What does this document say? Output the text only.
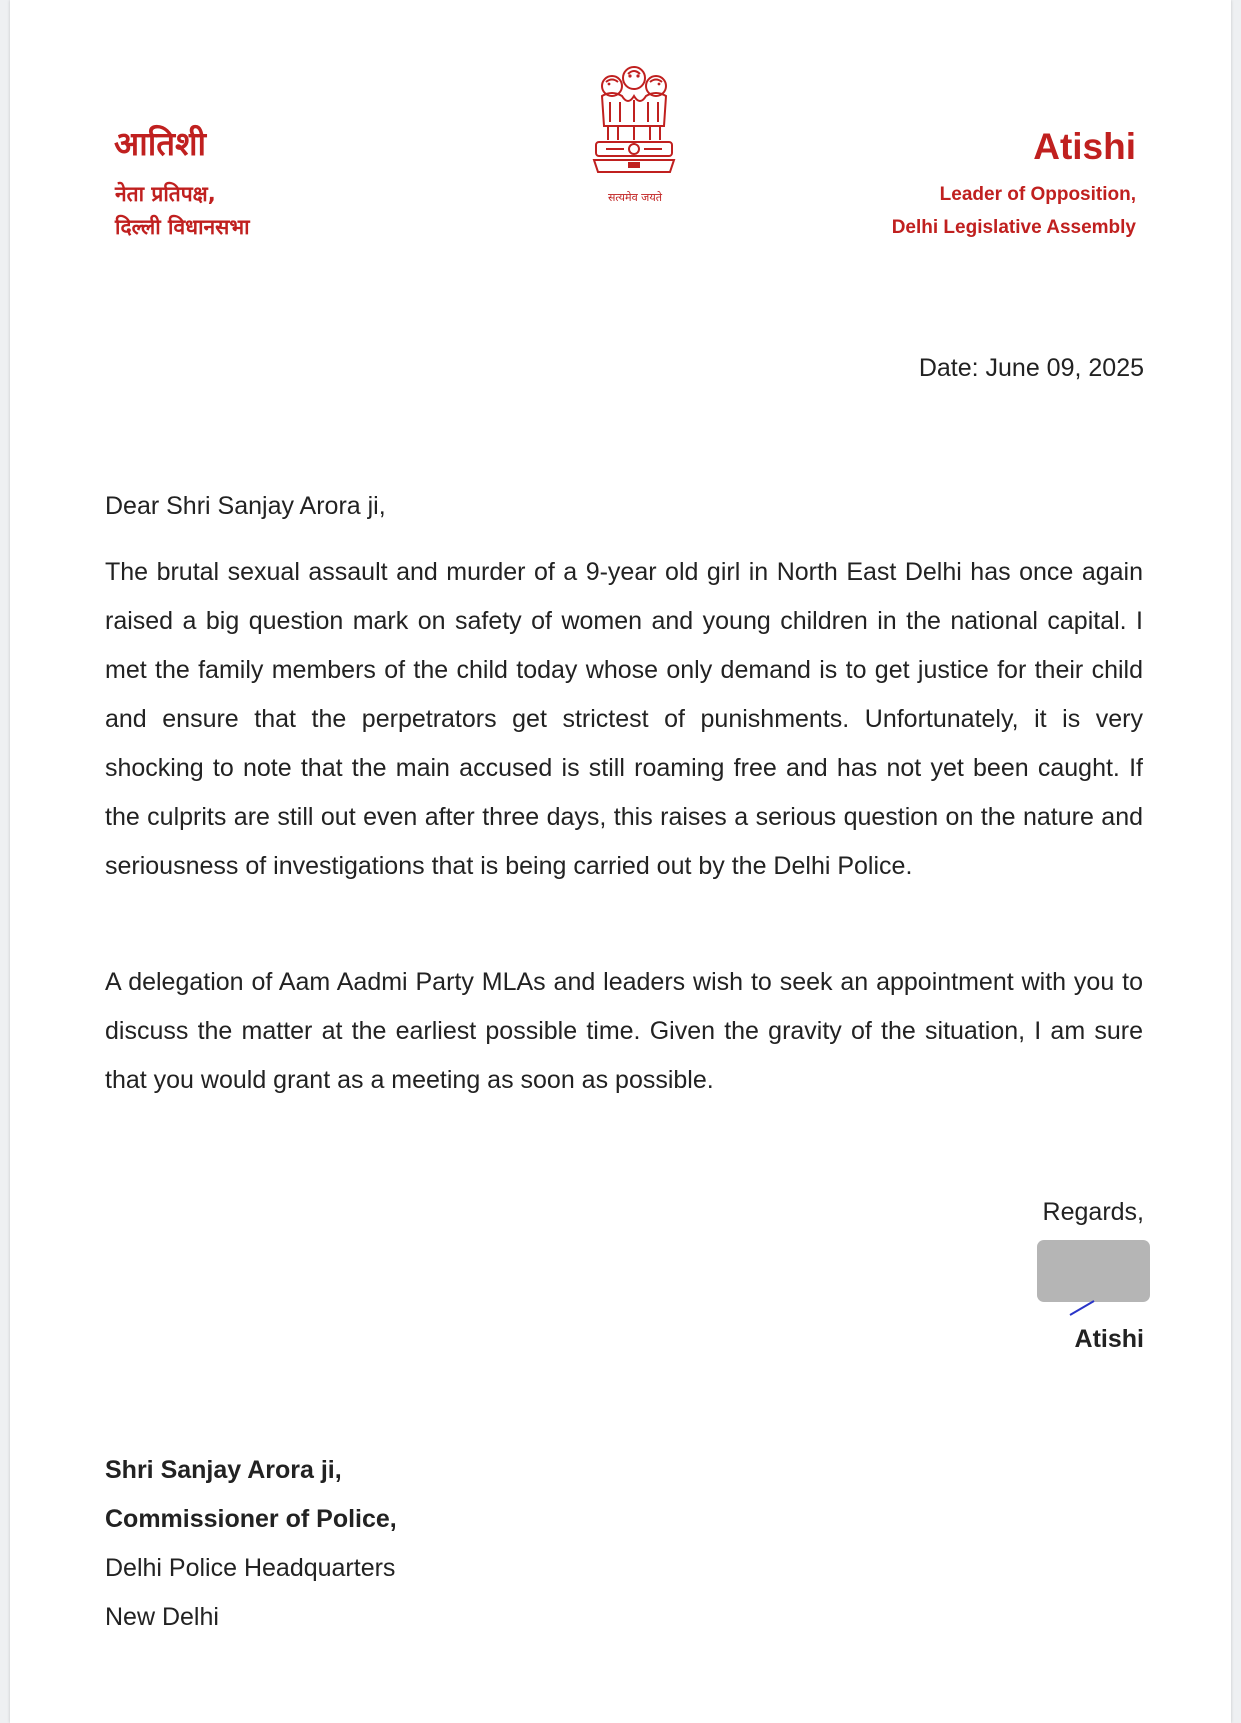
आतिशी
नेता प्रतिपक्ष,
दिल्ली विधानसभा
सत्यमेव जयते
Atishi
Leader of Opposition,
Delhi Legislative Assembly
Date: June 09, 2025

Dear Shri Sanjay Arora ji,

The brutal sexual assault and murder of a 9-year old girl in North East Delhi has once again raised a big question mark on safety of women and young children in the national capital. I met the family members of the child today whose only demand is to get justice for their child and ensure that the perpetrators get strictest of punishments. Unfortunately, it is very shocking to note that the main accused is still roaming free and has not yet been caught. If the culprits are still out even after three days, this raises a serious question on the nature and seriousness of investigations that is being carried out by the Delhi Police.

A delegation of Aam Aadmi Party MLAs and leaders wish to seek an appointment with you to discuss the matter at the earliest possible time. Given the gravity of the situation, I am sure that you would grant as a meeting as soon as possible.

Regards,
Atishi

Shri Sanjay Arora ji,

Commissioner of Police,

Delhi Police Headquarters

New Delhi
